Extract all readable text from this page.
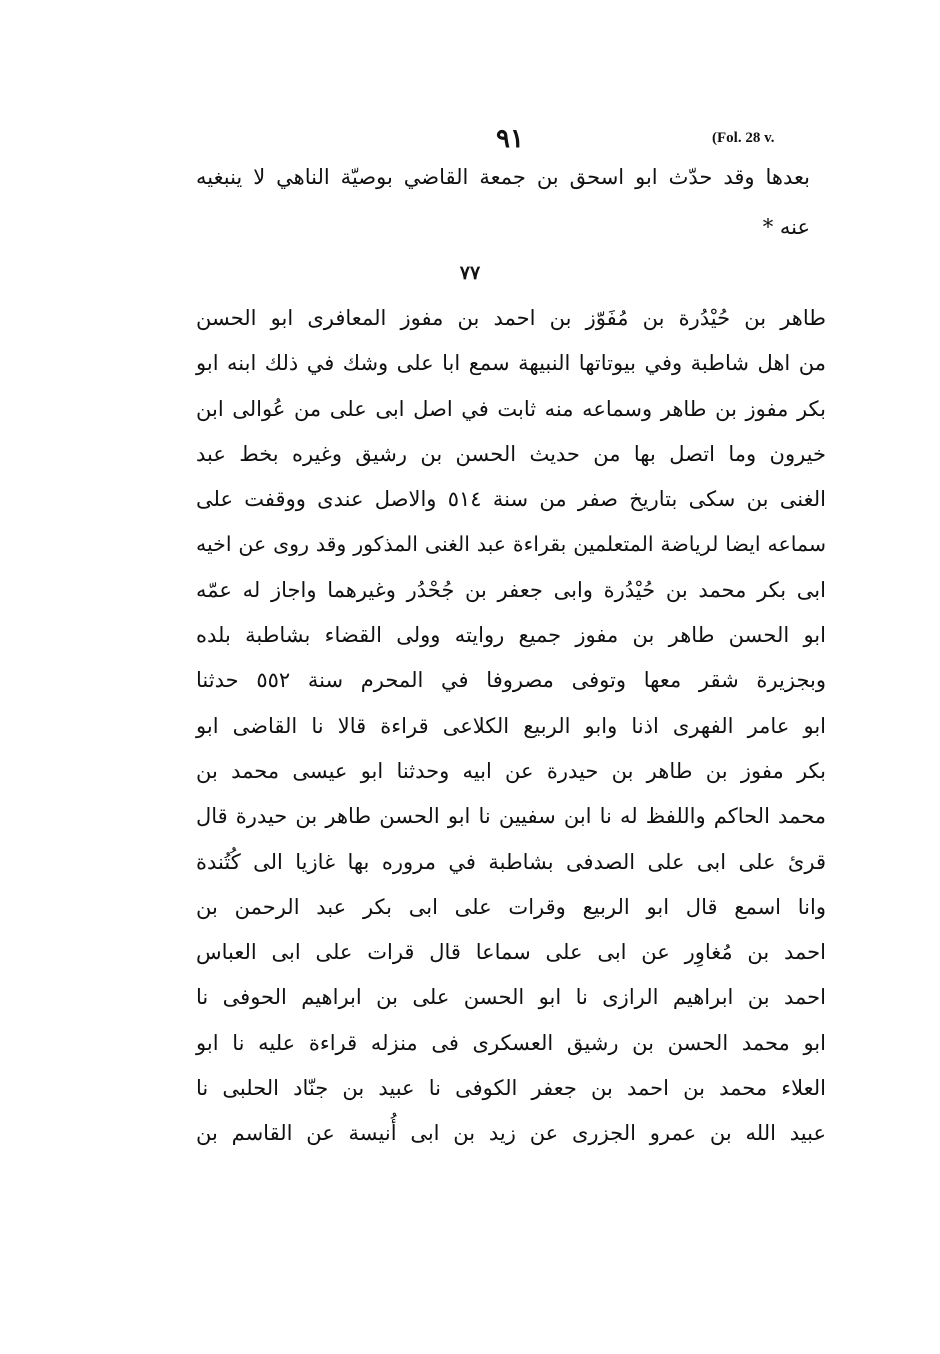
٩١	(Fol. 28 v.
بعدها وقد حدّث ابو اسحق بن جمعة القاضي بوصيّة الناهي لا ينبغيه
عنه *
٧٧
طاهر بن حُيْدُرة بن مُفَوّز بن احمد بن مفوز المعافرى ابو الحسن
من اهل شاطبة وفي بيوتاتها النبيهة سمع ابا على وشك في ذلك ابنه ابو
بكر مفوز بن طاهر وسماعه منه ثابت في اصل ابى على من عُوالى ابن
خيرون وما اتصل بها من حديث الحسن بن رشيق وغيره بخط عبد
الغنى بن سكى بتاريخ صفر من سنة ٥١٤ والاصل عندى ووقفت على
سماعه ايضا لرياضة المتعلمين بقراءة عبد الغنى المذكور وقد روى عن اخيه
ابى بكر محمد بن حُيْدُرة وابى جعفر بن جُحْدُر وغيرهما واجاز له عمّه
ابو الحسن طاهر بن مفوز جميع روايته وولى القضاء بشاطبة بلده
وبجزيرة شقر معها وتوفى مصروفا في المحرم سنة ٥٥٢ حدثنا
ابو عامر الفهرى اذنا وابو الربيع الكلاعى قراءة قالا نا القاضى ابو
بكر مفوز بن طاهر بن حيدرة عن ابيه وحدثنا ابو عيسى محمد بن
محمد الحاكم واللفظ له نا ابن سفيين نا ابو الحسن طاهر بن حيدرة قال
قرئ على ابى على الصدفى بشاطبة في مروره بها غازيا الى كُتُندة
وانا اسمع قال ابو الربيع وقرات على ابى بكر عبد الرحمن بن
احمد بن مُغاوِر عن ابى على سماعا قال قرات على ابى العباس
احمد بن ابراهيم الرازى نا ابو الحسن على بن ابراهيم الحوفى نا
ابو محمد الحسن بن رشيق العسكرى فى منزله قراءة عليه نا ابو
العلاء محمد بن احمد بن جعفر الكوفى نا عبيد بن جنّاد الحلبى نا
عبيد الله بن عمرو الجزرى عن زيد بن ابى أُنيسة عن القاسم بن
